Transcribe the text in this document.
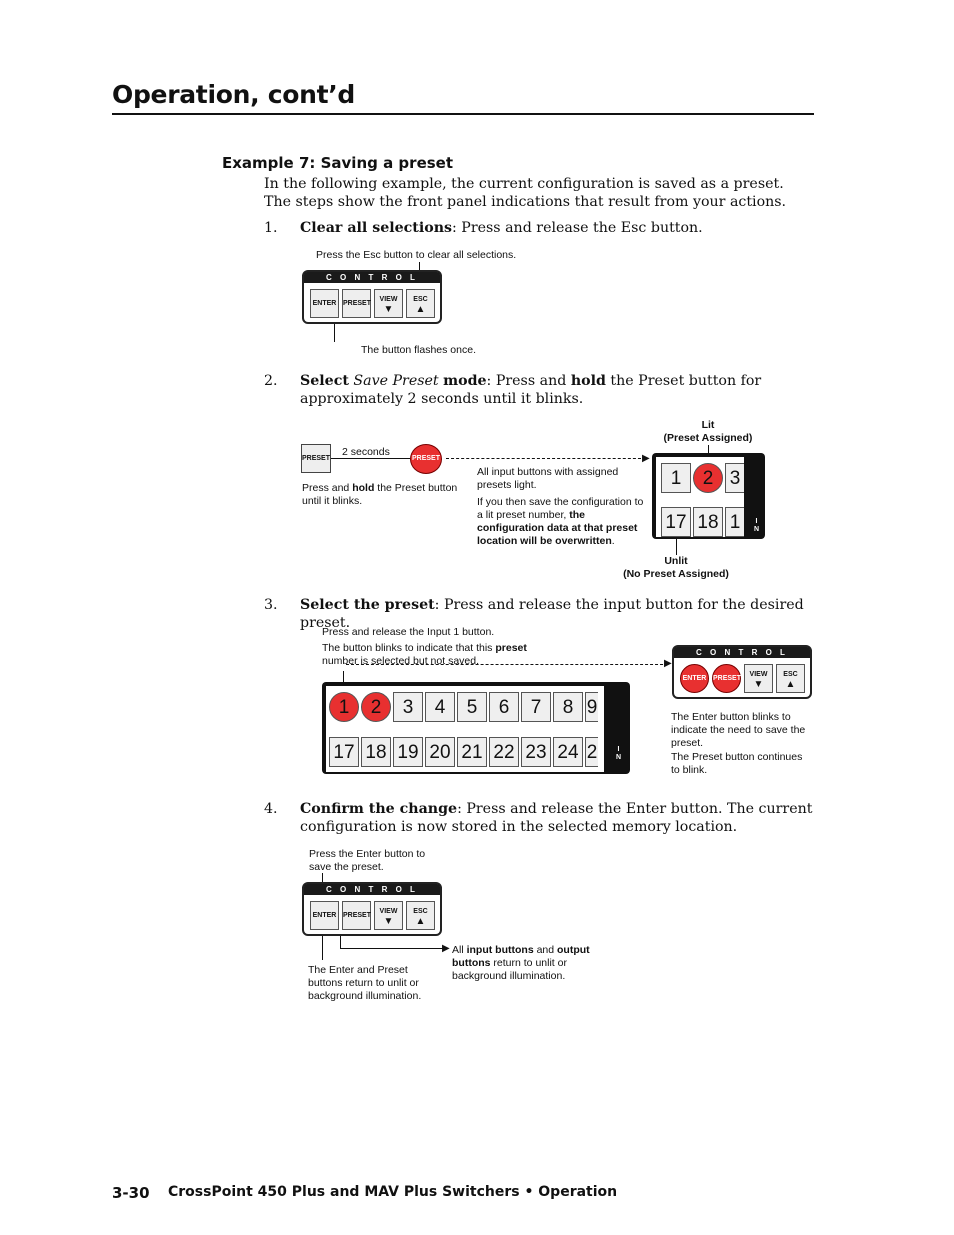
Operation, cont’d
Example 7: Saving a preset
In the following example, the current configuration is saved as a preset. The steps show the front panel indications that result from your actions.
1. Clear all selections: Press and release the Esc button.
Press the Esc button to clear all selections.
C O N T R O L
ENTER PRESET
VIEW
▼
ESC
▲
The button flashes once.
2. Select Save Preset mode: Press and hold the Preset button for approximately 2 seconds until it blinks.
PRESET
2 seconds
PRESET
Press and hold the Preset button until it blinks.
▶
All input buttons with assigned presets light.
If you then save the configuration to a lit preset number, the configuration data at that preset location will be overwritten.
Lit
(Preset Assigned)
1	2 3
17 18 1	I
N
Unlit
(No Preset Assigned)
3. Select the preset: Press and release the input button for the desired preset.
Press and release the Input 1 button.
The button blinks to indicate that this preset number is selected but not saved.	▶
1	2	3	4	5	6	7	8 9
17 18 19 20 21 22 23 24 2	I
N
C O N T R O L
ENTER PRESET
VIEW
▼
ESC
▲
The Enter button blinks to indicate the need to save the preset.
The Preset button continues to blink.
4. Confirm the change: Press and release the Enter button. The current configuration is now stored in the selected memory location.
Press the Enter button to save the preset.
C O N T R O L
ENTER PRESET
VIEW
▼
ESC
▲
▶ All input buttons and output buttons return to unlit or background illumination.
The Enter and Preset buttons return to unlit or background illumination.
3-30 CrossPoint 450 Plus and MAV Plus Switchers • Operation
